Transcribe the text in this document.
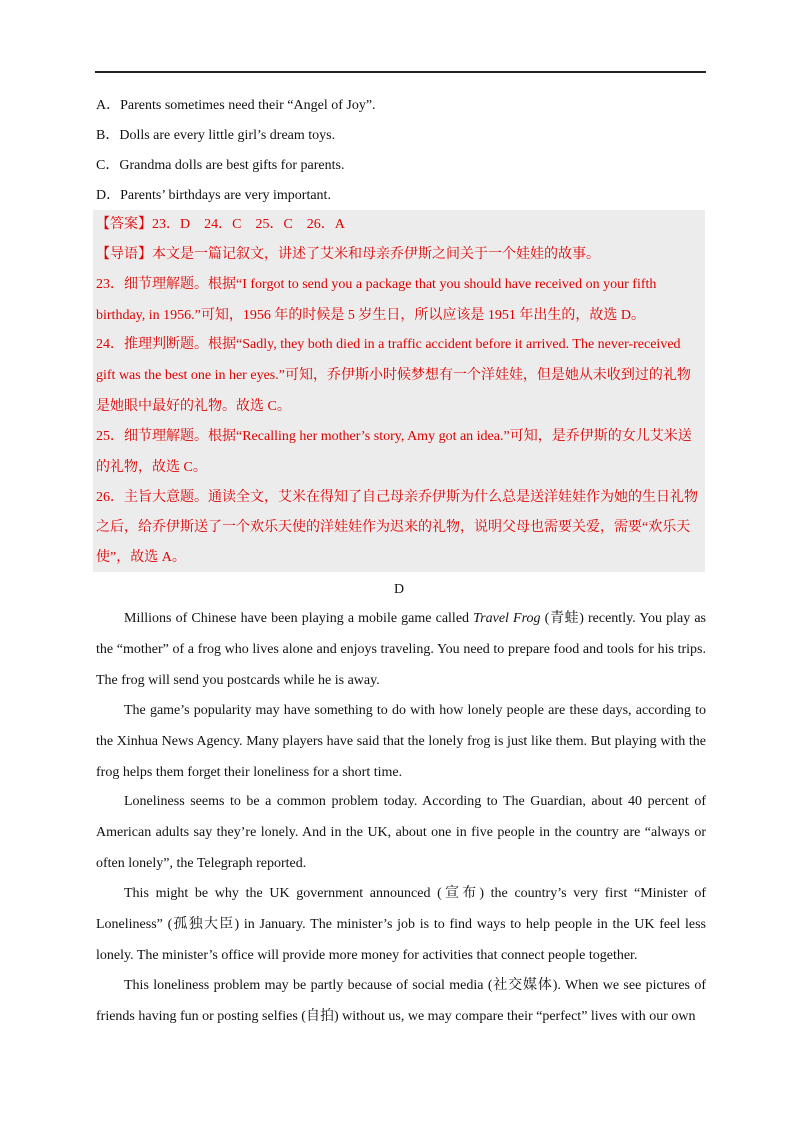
A．Parents sometimes need their “Angel of Joy”.
B．Dolls are every little girl’s dream toys.
C．Grandma dolls are best gifts for parents.
D．Parents’ birthdays are very important.
【答案】23．D　24．C　25．C　26．A
【导语】本文是一篇记叙文，讲述了艾米和母亲乔伊斯之间关于一个娃娃的故事。
23．细节理解题。根据“I forgot to send you a package that you should have received on your fifth
birthday, in 1956.”可知，1956 年的时候是 5 岁生日，所以应该是 1951 年出生的，故选 D。
24．推理判断题。根据“Sadly, they both died in a traffic accident before it arrived. The never-received
gift was the best one in her eyes.”可知，乔伊斯小时候梦想有一个洋娃娃，但是她从未收到过的礼物
是她眼中最好的礼物。故选 C。
25．细节理解题。根据“Recalling her mother’s story, Amy got an idea.”可知，是乔伊斯的女儿艾米送
的礼物，故选 C。
26．主旨大意题。通读全文，艾米在得知了自己母亲乔伊斯为什么总是送洋娃娃作为她的生日礼物
之后，给乔伊斯送了一个欢乐天使的洋娃娃作为迟来的礼物，说明父母也需要关爱，需要“欢乐天
使”，故选 A。
D

Millions of Chinese have been playing a mobile game called Travel Frog (青蛙) recently. You play as the “mother” of a frog who lives alone and enjoys traveling. You need to prepare food and tools for his trips. The frog will send you postcards while he is away.

The game’s popularity may have something to do with how lonely people are these days, according to the Xinhua News Agency. Many players have said that the lonely frog is just like them. But playing with the frog helps them forget their loneliness for a short time.

Loneliness seems to be a common problem today. According to The Guardian, about 40 percent of American adults say they’re lonely. And in the UK, about one in five people in the country are “always or often lonely”, the Telegraph reported.

This might be why the UK government announced (宣布) the country’s very first “Minister of Loneliness” (孤独大臣) in January. The minister’s job is to find ways to help people in the UK feel less lonely. The minister’s office will provide more money for activities that connect people together.

This loneliness problem may be partly because of social media (社交媒体). When we see pictures of friends having fun or posting selfies (自拍) without us, we may compare their “perfect” lives with our own
